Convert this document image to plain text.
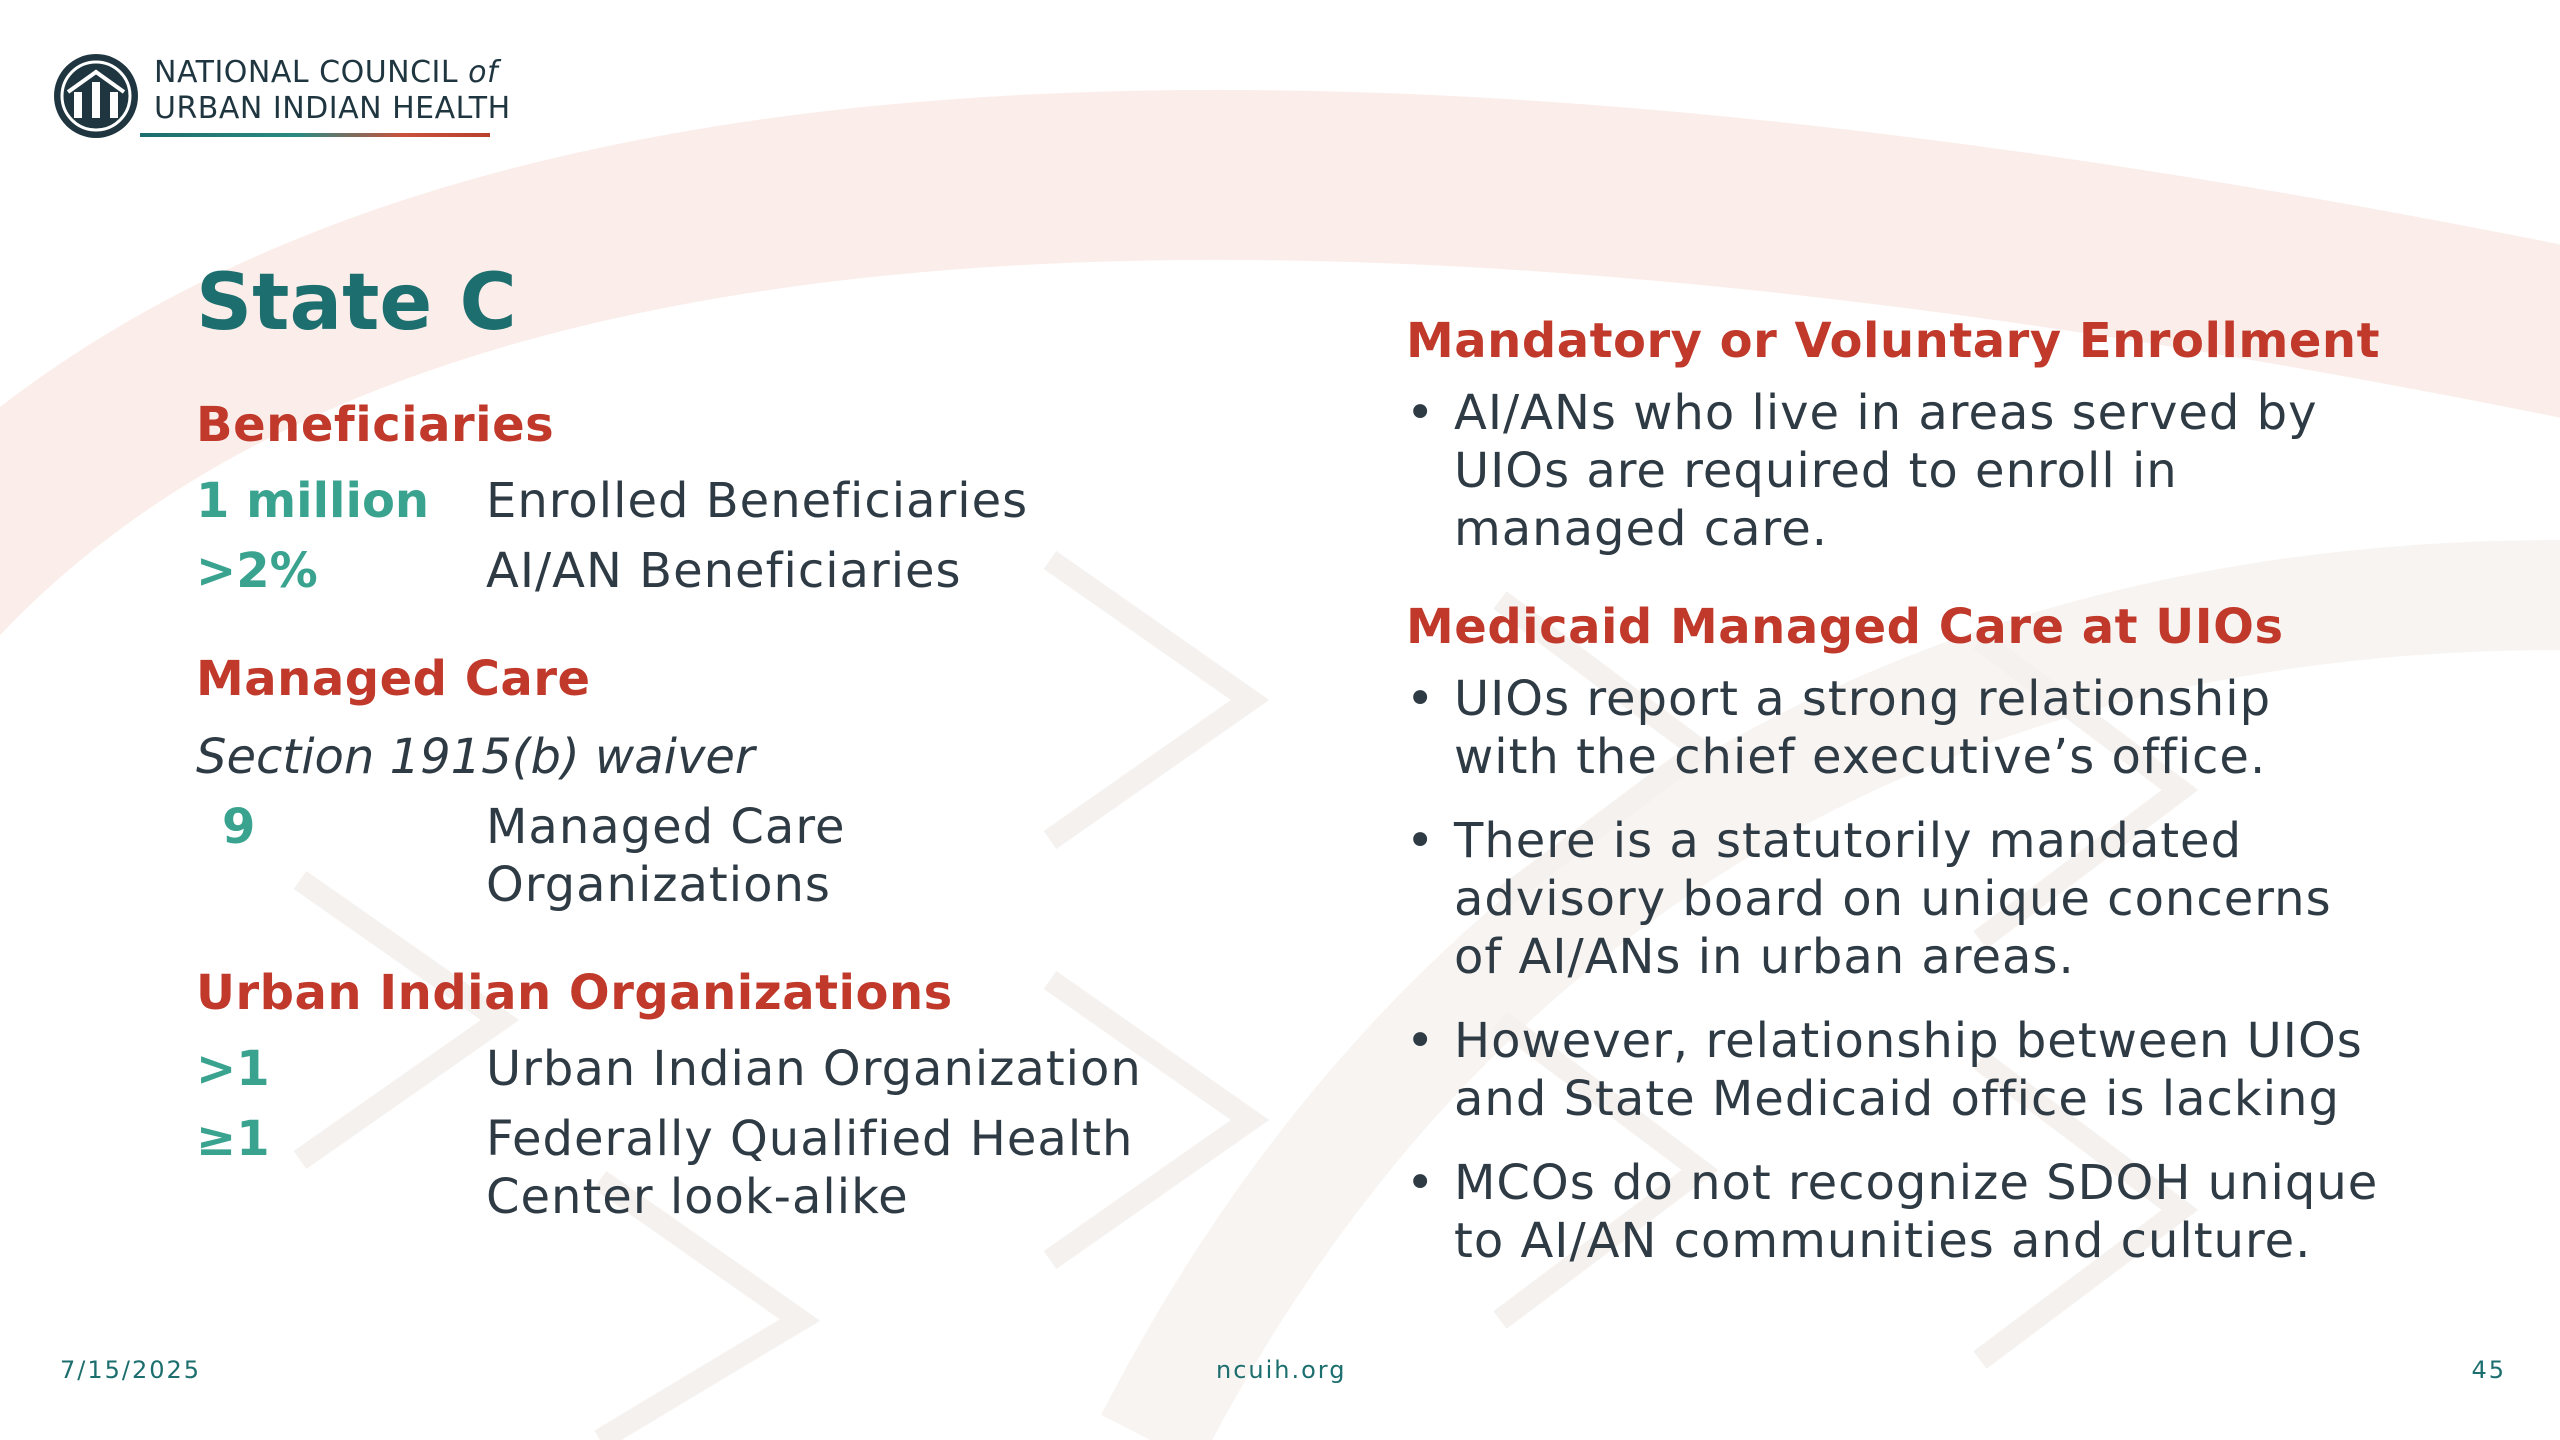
NATIONAL COUNCIL of
URBAN INDIAN HEALTH
State C
Beneficiaries
1 million	Enrolled Beneficiaries
>2%	AI/AN Beneficiaries
Managed Care
Section 1915(b) waiver
9	Managed Care
Organizations
Urban Indian Organizations
>1	Urban Indian Organization
≥1	Federally Qualified Health
Center look-alike
Mandatory or Voluntary Enrollment
• AI/ANs who live in areas served by
UIOs are required to enroll in
managed care.
Medicaid Managed Care at UIOs
• UIOs report a strong relationship
with the chief executive’s office.
• There is a statutorily mandated
advisory board on unique concerns
of AI/ANs in urban areas.
• However, relationship between UIOs
and State Medicaid office is lacking
• MCOs do not recognize SDOH unique
to AI/AN communities and culture.
7/15/2025	ncuih.org	45
